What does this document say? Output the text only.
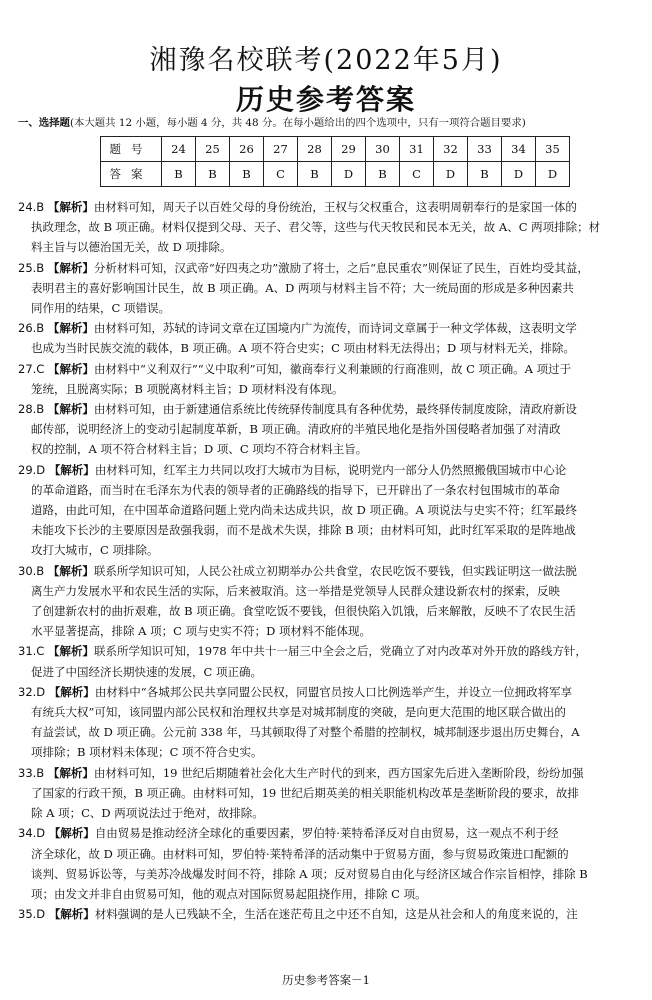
湘豫名校联考(2022年5月)
历史参考答案
一、选择题(本大题共 12 小题，每小题 4 分，共 48 分。在每小题给出的四个选项中，只有一项符合题目要求)
题号	24	25	26	27	28	29	30	31	32	33	34	35
答案	B	B	B	C	B	D	B	C	D	B	D	D
24.B 【解析】由材料可知，周天子以百姓父母的身份统治，王权与父权重合，这表明周朝奉行的是家国一体的
执政理念，故 B 项正确。材料仅提到父母、天子、君父等，这些与代天牧民和民本无关，故 A、C 两项排除；材
料主旨与以德治国无关，故 D 项排除。
25.B 【解析】分析材料可知，汉武帝“好四夷之功”激励了将士，之后“息民重农”则保证了民生，百姓均受其益，
表明君主的喜好影响国计民生，故 B 项正确。A、D 两项与材料主旨不符；大一统局面的形成是多种因素共
同作用的结果，C 项错误。
26.B 【解析】由材料可知，苏轼的诗词文章在辽国境内广为流传，而诗词文章属于一种文学体裁，这表明文学
也成为当时民族交流的载体，B 项正确。A 项不符合史实；C 项由材料无法得出；D 项与材料无关，排除。
27.C 【解析】由材料中“义利双行”“义中取利”可知，徽商奉行义利兼顾的行商准则，故 C 项正确。A 项过于
笼统，且脱离实际；B 项脱离材料主旨；D 项材料没有体现。
28.B 【解析】由材料可知，由于新建通信系统比传统驿传制度具有各种优势，最终驿传制度废除，清政府新设
邮传部，说明经济上的变动引起制度革新，B 项正确。清政府的半殖民地化是指外国侵略者加强了对清政
权的控制，A 项不符合材料主旨；D 项、C 项均不符合材料主旨。
29.D 【解析】由材料可知，红军主力共同以攻打大城市为目标，说明党内一部分人仍然照搬俄国城市中心论
的革命道路，而当时在毛泽东为代表的领导者的正确路线的指导下，已开辟出了一条农村包围城市的革命
道路，由此可知，在中国革命道路问题上党内尚未达成共识，故 D 项正确。A 项说法与史实不符；红军最终
未能攻下长沙的主要原因是敌强我弱，而不是战术失误，排除 B 项；由材料可知，此时红军采取的是阵地战
攻打大城市，C 项排除。
30.B 【解析】联系所学知识可知，人民公社成立初期举办公共食堂，农民吃饭不要钱，但实践证明这一做法脱
离生产力发展水平和农民生活的实际，后来被取消。这一举措是党领导人民群众建设新农村的探索，反映
了创建新农村的曲折艰难，故 B 项正确。食堂吃饭不要钱，但很快陷入饥饿，后来解散，反映不了农民生活
水平显著提高，排除 A 项；C 项与史实不符；D 项材料不能体现。
31.C 【解析】联系所学知识可知，1978 年中共十一届三中全会之后，党确立了对内改革对外开放的路线方针，
促进了中国经济长期快速的发展，C 项正确。
32.D 【解析】由材料中“各城邦公民共享同盟公民权，同盟官员按人口比例选举产生，并设立一位拥政将军享
有统兵大权”可知，该同盟内部公民权和治理权共享是对城邦制度的突破，是向更大范围的地区联合做出的
有益尝试，故 D 项正确。公元前 338 年，马其顿取得了对整个希腊的控制权，城邦制逐步退出历史舞台，A
项排除；B 项材料未体现；C 项不符合史实。
33.B 【解析】由材料可知，19 世纪后期随着社会化大生产时代的到来，西方国家先后进入垄断阶段，纷纷加强
了国家的行政干预，B 项正确。由材料可知，19 世纪后期英美的相关职能机构改革是垄断阶段的要求，故排
除 A 项；C、D 两项说法过于绝对，故排除。
34.D 【解析】自由贸易是推动经济全球化的重要因素，罗伯特·莱特希泽反对自由贸易，这一观点不利于经
济全球化，故 D 项正确。由材料可知，罗伯特·莱特希泽的活动集中于贸易方面，参与贸易政策进口配额的
谈判、贸易诉讼等，与美苏冷战爆发时间不符，排除 A 项；反对贸易自由化与经济区域合作宗旨相悖，排除 B
项；由发文并非自由贸易可知，他的观点对国际贸易起阻挠作用，排除 C 项。
35.D 【解析】材料强调的是人已残缺不全，生活在迷茫苟且之中还不自知，这是从社会和人的角度来说的，注
历史参考答案－1
